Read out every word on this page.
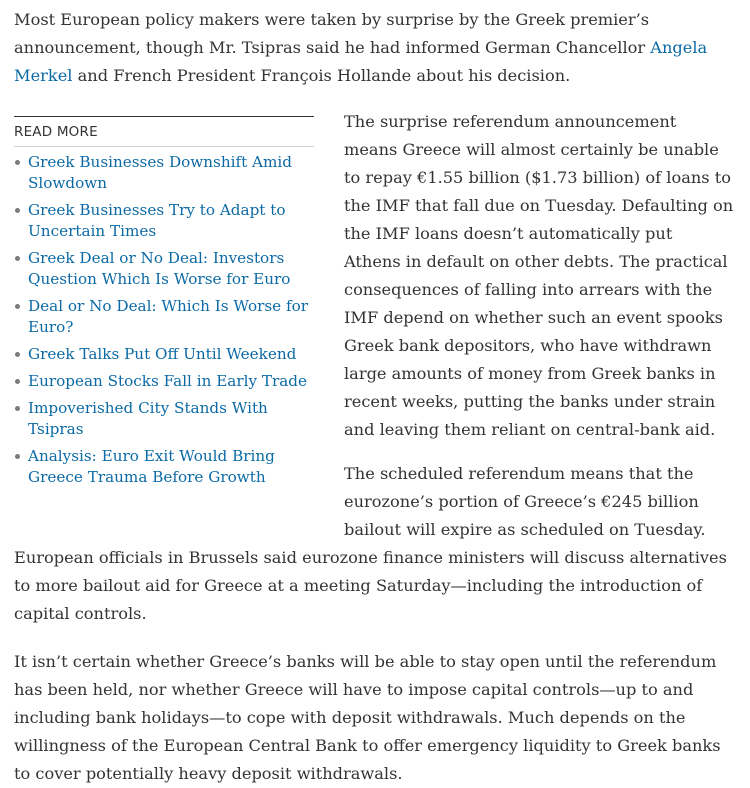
Most European policy makers were taken by surprise by the Greek premier’s announcement, though Mr. Tsipras said he had informed German Chancellor Angela Merkel and French President François Hollande about his decision.

READ MORE
Greek Businesses Downshift Amid Slowdown
Greek Businesses Try to Adapt to Uncertain Times
Greek Deal or No Deal: Investors Question Which Is Worse for Euro
Deal or No Deal: Which Is Worse for Euro?
Greek Talks Put Off Until Weekend
European Stocks Fall in Early Trade
Impoverished City Stands With Tsipras
Analysis: Euro Exit Would Bring Greece Trauma Before Growth

The surprise referendum announcement means Greece will almost certainly be unable to repay €1.55 billion ($1.73 billion) of loans to the IMF that fall due on Tuesday. Defaulting on the IMF loans doesn’t automatically put Athens in default on other debts. The practical consequences of falling into arrears with the IMF depend on whether such an event spooks Greek bank depositors, who have withdrawn large amounts of money from Greek banks in recent weeks, putting the banks under strain and leaving them reliant on central-bank aid.

The scheduled referendum means that the eurozone’s portion of Greece’s €245 billion bailout will expire as scheduled on Tuesday.

European officials in Brussels said eurozone finance ministers will discuss alternatives to more bailout aid for Greece at a meeting Saturday—including the introduction of capital controls.

It isn’t certain whether Greece’s banks will be able to stay open until the referendum has been held, nor whether Greece will have to impose capital controls—up to and including bank holidays—to cope with deposit withdrawals. Much depends on the willingness of the European Central Bank to offer emergency liquidity to Greek banks to cover potentially heavy deposit withdrawals.
